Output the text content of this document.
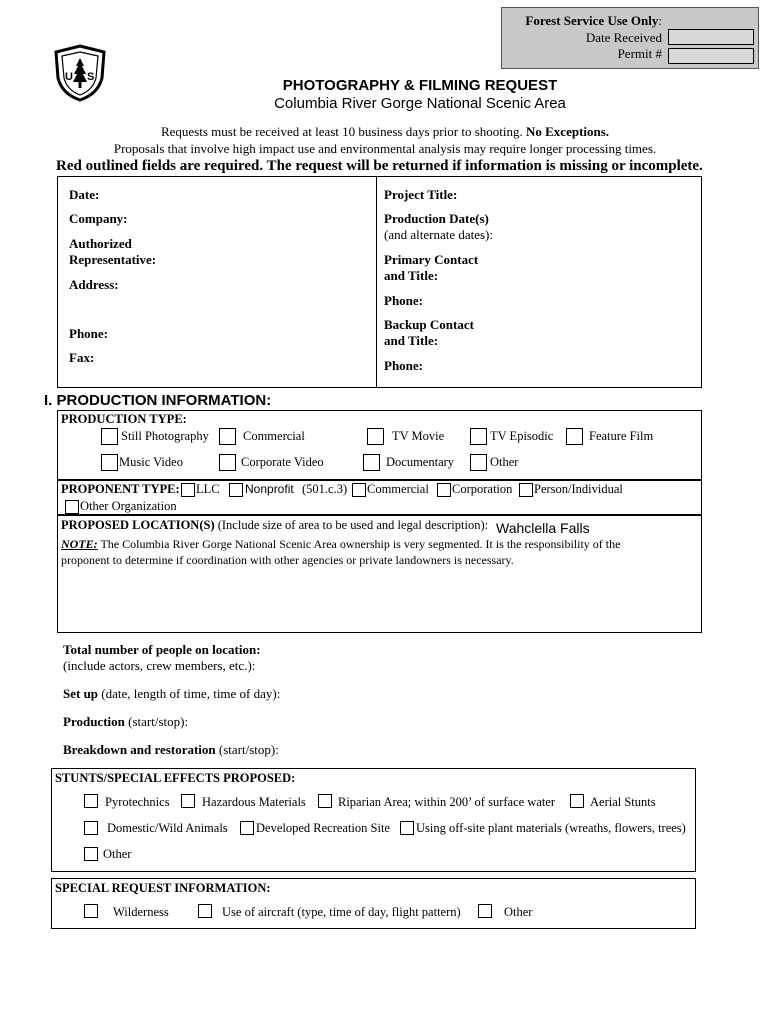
Forest Service Use Only:
Date Received
Permit #
U S	PHOTOGRAPHY & FILMING REQUEST
Columbia River Gorge National Scenic Area
Requests must be received at least 10 business days prior to shooting. No Exceptions.
Proposals that involve high impact use and environmental analysis may require longer processing times.
Red outlined fields are required. The request will be returned if information is missing or incomplete.
Date:
Company:
Authorized
Representative:
Address:
Phone:
Fax:
Project Title:
Production Date(s)
(and alternate dates):
Primary Contact
and Title:
Phone:
Backup Contact
and Title:
Phone:
I. PRODUCTION INFORMATION:
PRODUCTION TYPE:
Still Photography	Commercial	TV Movie	TV Episodic	Feature Film
Music Video	Corporate Video	Documentary	Other
PROPONENT TYPE: LLC Nonprofit (501.c.3) Commercial Corporation Person/Individual
Other Organization
PROPOSED LOCATION(S) (Include size of area to be used and legal description): Wahclella Falls
NOTE: The Columbia River Gorge National Scenic Area ownership is very segmented. It is the responsibility of the
proponent to determine if coordination with other agencies or private landowners is necessary.
Total number of people on location:
(include actors, crew members, etc.):
Set up (date, length of time, time of day):
Production (start/stop):
Breakdown and restoration (start/stop):
STUNTS/SPECIAL EFFECTS PROPOSED:
Pyrotechnics	Hazardous Materials	Riparian Area; within 200’ of surface water	Aerial Stunts
Domestic/Wild Animals Developed Recreation Site Using off-site plant materials (wreaths, flowers, trees)
Other
SPECIAL REQUEST INFORMATION:
Wilderness	Use of aircraft (type, time of day, flight pattern)	Other
